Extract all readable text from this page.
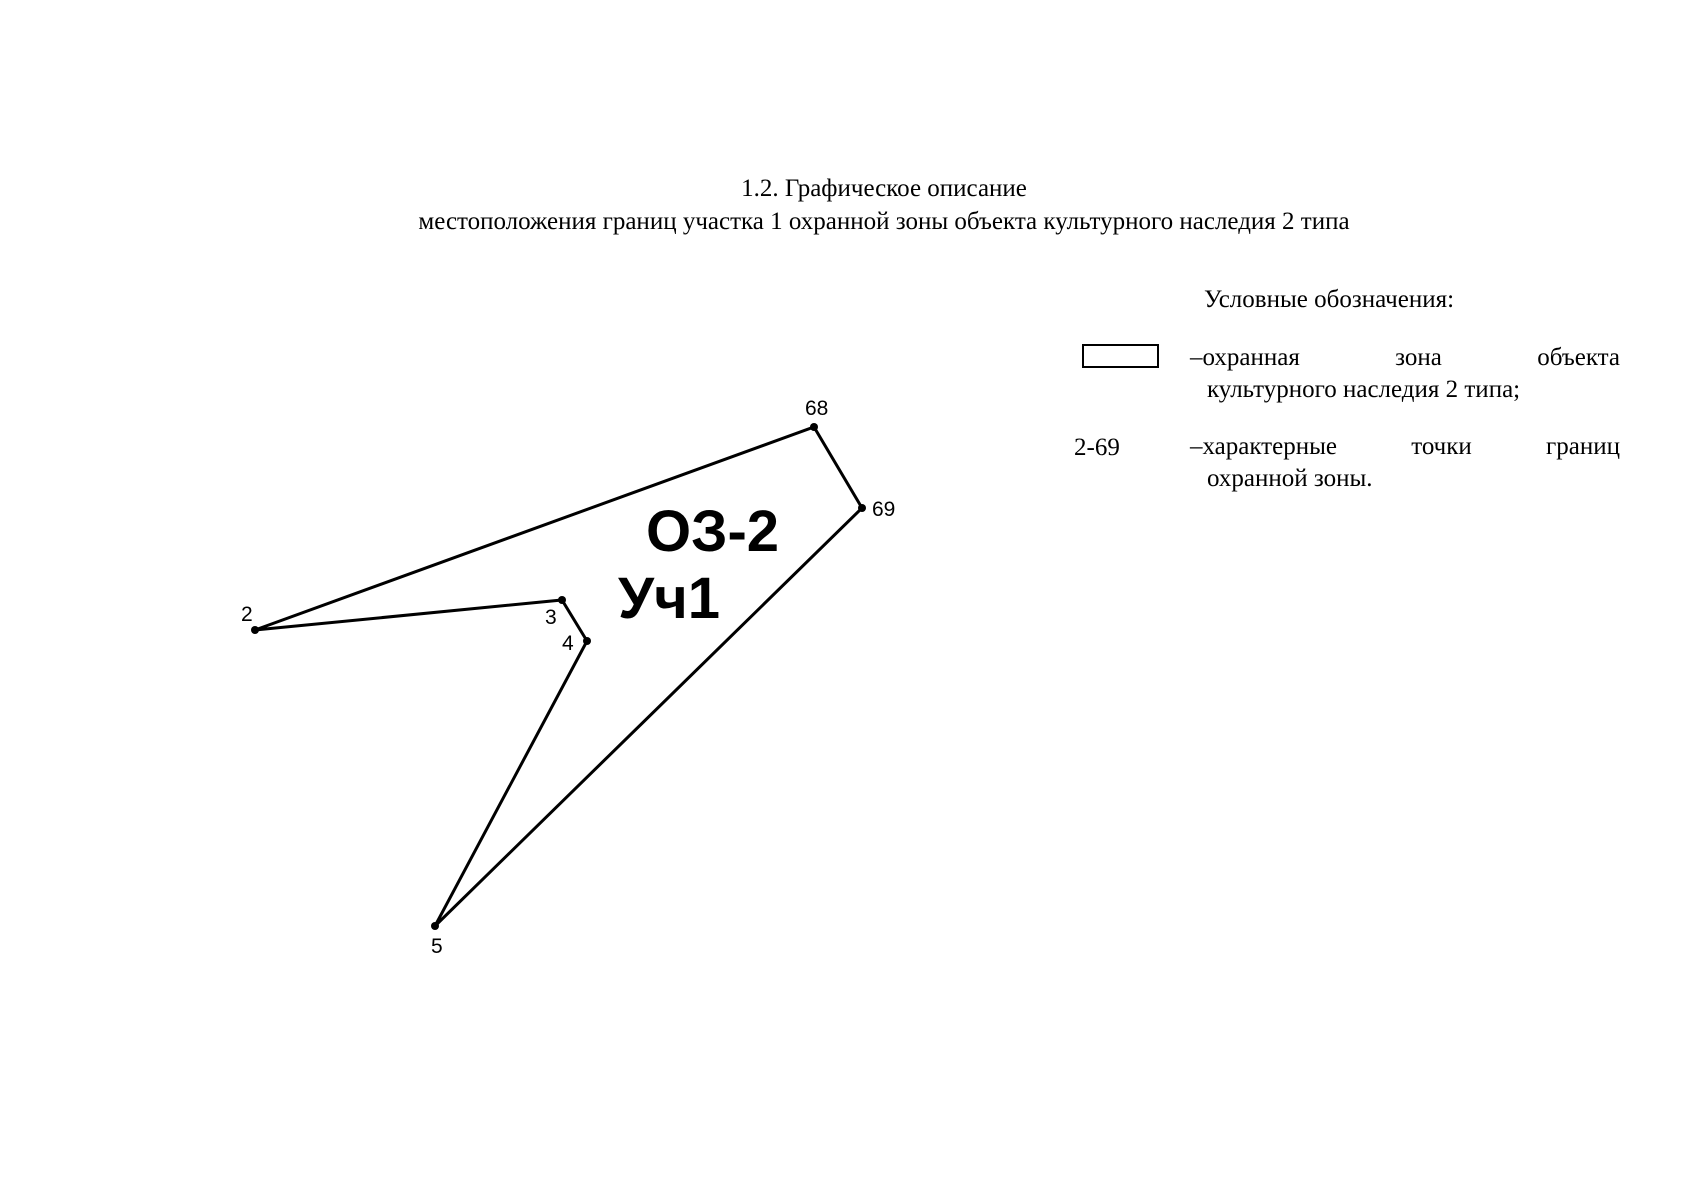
1.2. Графическое описание
местоположения границ участка 1 охранной зоны объекта культурного наследия 2 типа
Условные обозначения:
–охранная	зона	объекта
культурного наследия 2 типа;
2-69	–характерные	точки	границ
охранной зоны.
2	3
4
5
69
68
ОЗ-2
Уч1
